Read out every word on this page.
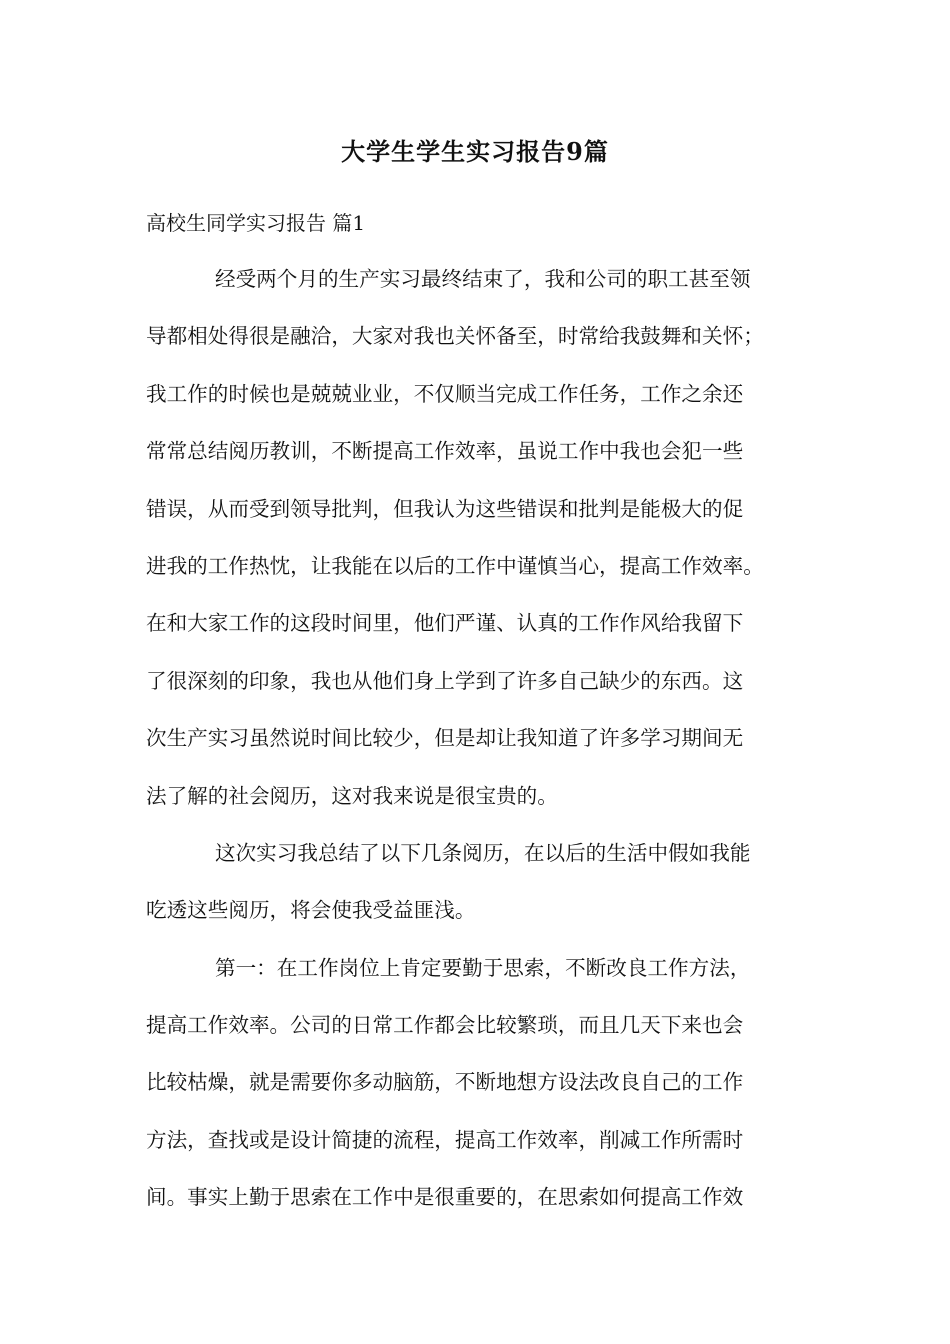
大学生学生实习报告9篇
高校生同学实习报告 篇1
经受两个月的生产实习最终结束了，我和公司的职工甚至领
导都相处得很是融洽，大家对我也关怀备至，时常给我鼓舞和关怀；
我工作的时候也是兢兢业业，不仅顺当完成工作任务，工作之余还
常常总结阅历教训，不断提高工作效率，虽说工作中我也会犯一些
错误，从而受到领导批判，但我认为这些错误和批判是能极大的促
进我的工作热忱，让我能在以后的工作中谨慎当心，提高工作效率。
在和大家工作的这段时间里，他们严谨、认真的工作作风给我留下
了很深刻的印象，我也从他们身上学到了许多自己缺少的东西。这
次生产实习虽然说时间比较少，但是却让我知道了许多学习期间无
法了解的社会阅历，这对我来说是很宝贵的。
这次实习我总结了以下几条阅历，在以后的生活中假如我能
吃透这些阅历，将会使我受益匪浅。
第一：在工作岗位上肯定要勤于思索，不断改良工作方法，
提高工作效率。公司的日常工作都会比较繁琐，而且几天下来也会
比较枯燥，就是需要你多动脑筋，不断地想方设法改良自己的工作
方法，查找或是设计简捷的流程，提高工作效率，削减工作所需时
间。事实上勤于思索在工作中是很重要的，在思索如何提高工作效
